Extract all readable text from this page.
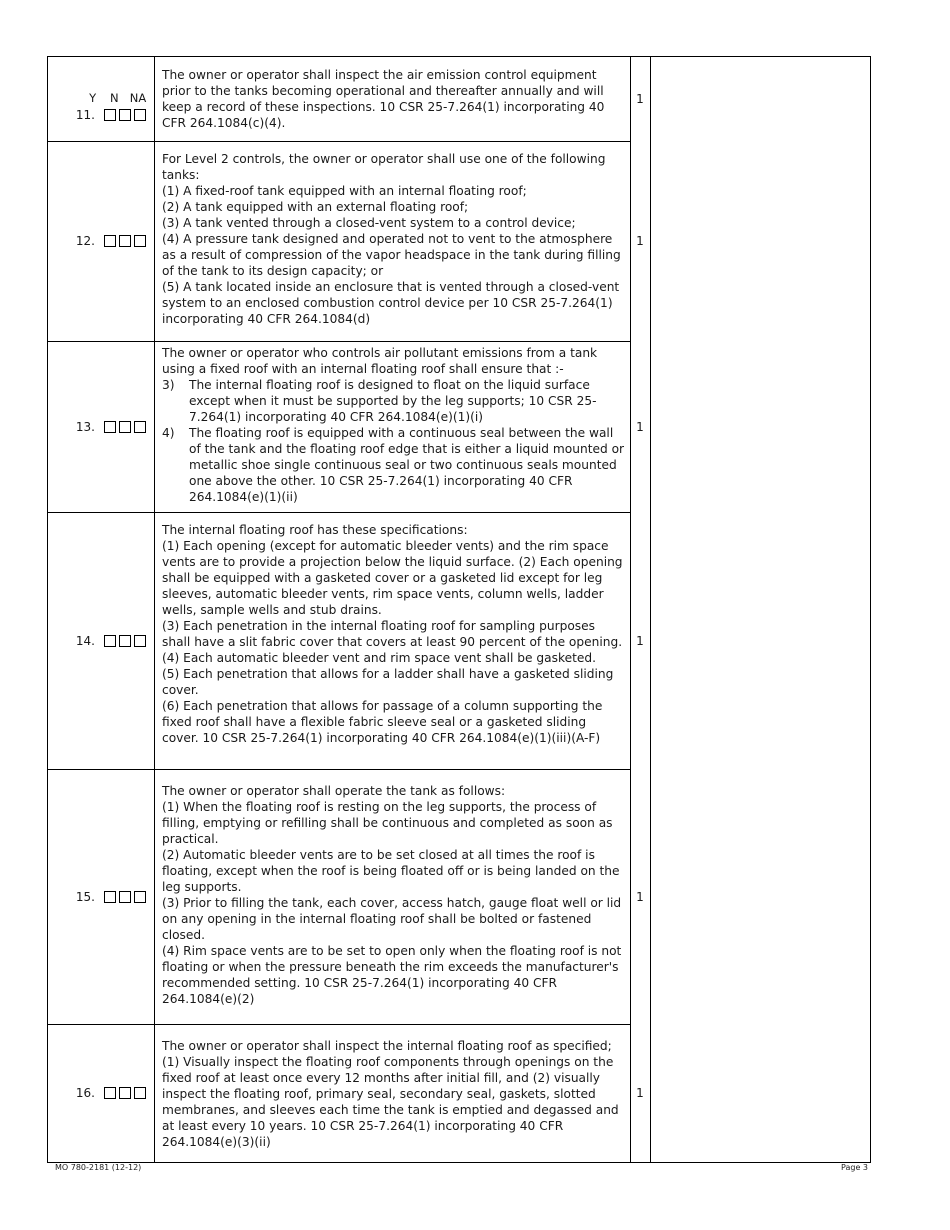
Y N NA
11.

The owner or operator shall inspect the air emission control equipment prior to the tanks becoming operational and thereafter annually and will keep a record of these inspections. 10 CSR 25-7.264(1) incorporating 40 CFR 264.1084(c)(4).

1
12.

For Level 2 controls, the owner or operator shall use one of the following tanks:

(1) A fixed-roof tank equipped with an internal floating roof;

(2) A tank equipped with an external floating roof;

(3) A tank vented through a closed-vent system to a control device;

(4) A pressure tank designed and operated not to vent to the atmosphere as a result of compression of the vapor headspace in the tank during filling of the tank to its design capacity; or

(5) A tank located inside an enclosure that is vented through a closed-vent system to an enclosed combustion control device per 10 CSR 25-7.264(1) incorporating 40 CFR 264.1084(d)

1
13.

The owner or operator who controls air pollutant emissions from a tank using a fixed roof with an internal floating roof shall ensure that :-

3)	The internal floating roof is designed to float on the liquid surface except when it must be supported by the leg supports; 10 CSR 25-7.264(1) incorporating 40 CFR 264.1084(e)(1)(i)
4)	The floating roof is equipped with a continuous seal between the wall of the tank and the floating roof edge that is either a liquid mounted or metallic shoe single continuous seal or two continuous seals mounted one above the other. 10 CSR 25-7.264(1) incorporating 40 CFR 264.1084(e)(1)(ii)
1
14.

The internal floating roof has these specifications:

(1) Each opening (except for automatic bleeder vents) and the rim space vents are to provide a projection below the liquid surface. (2) Each opening shall be equipped with a gasketed cover or a gasketed lid except for leg sleeves, automatic bleeder vents, rim space vents, column wells, ladder wells, sample wells and stub drains.

(3) Each penetration in the internal floating roof for sampling purposes shall have a slit fabric cover that covers at least 90 percent of the opening.

(4) Each automatic bleeder vent and rim space vent shall be gasketed.

(5) Each penetration that allows for a ladder shall have a gasketed sliding cover.

(6) Each penetration that allows for passage of a column supporting the fixed roof shall have a flexible fabric sleeve seal or a gasketed sliding cover. 10 CSR 25-7.264(1) incorporating 40 CFR 264.1084(e)(1)(iii)(A-F)

1
15.

The owner or operator shall operate the tank as follows:

(1) When the floating roof is resting on the leg supports, the process of filling, emptying or refilling shall be continuous and completed as soon as practical.

(2) Automatic bleeder vents are to be set closed at all times the roof is floating, except when the roof is being floated off or is being landed on the leg supports.

(3) Prior to filling the tank, each cover, access hatch, gauge float well or lid on any opening in the internal floating roof shall be bolted or fastened closed.

(4) Rim space vents are to be set to open only when the floating roof is not floating or when the pressure beneath the rim exceeds the manufacturer's recommended setting. 10 CSR 25-7.264(1) incorporating 40 CFR 264.1084(e)(2)

1
16.

The owner or operator shall inspect the internal floating roof as specified;

(1) Visually inspect the floating roof components through openings on the fixed roof at least once every 12 months after initial fill, and (2) visually inspect the floating roof, primary seal, secondary seal, gaskets, slotted membranes, and sleeves each time the tank is emptied and degassed and at least every 10 years. 10 CSR 25-7.264(1) incorporating 40 CFR 264.1084(e)(3)(ii)

1
MO 780-2181 (12-12)	Page 3
